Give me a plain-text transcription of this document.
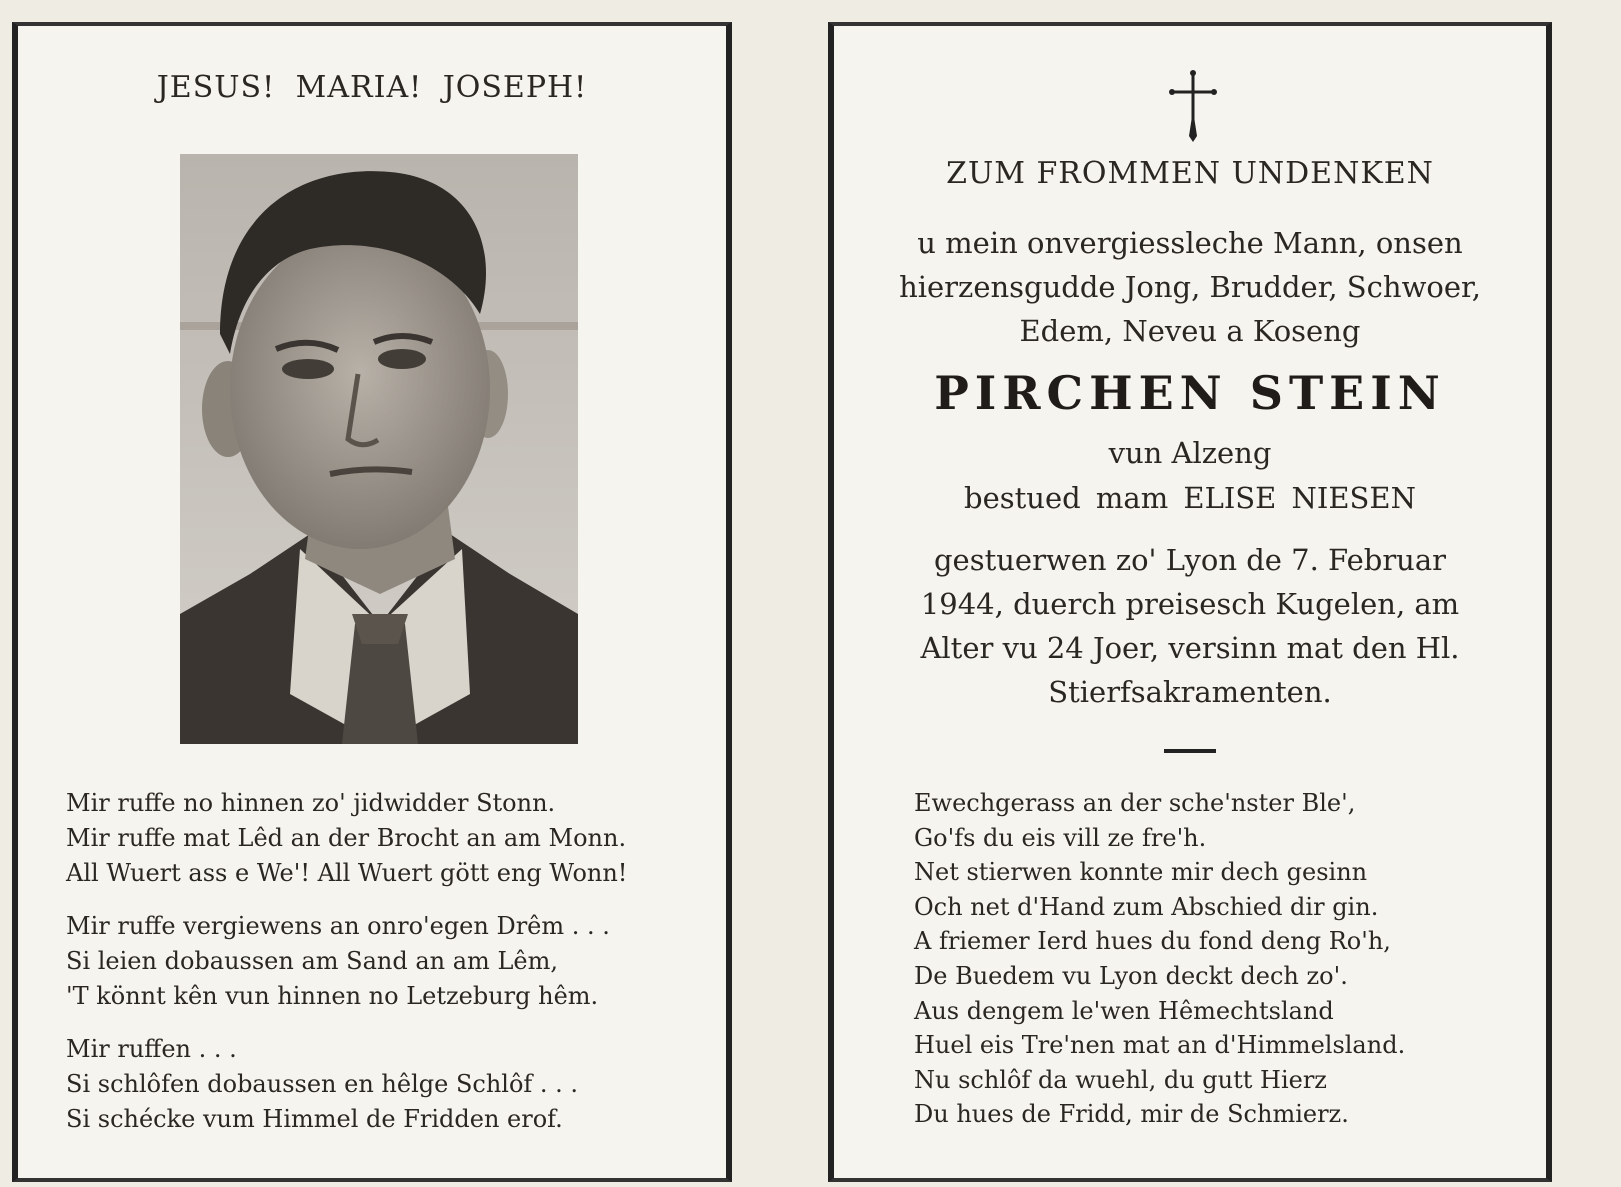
JESUS! MARIA! JOSEPH!
Mir ruffe no hinnen zo' jidwidder Stonn.
Mir ruffe mat Lêd an der Brocht an am Monn.
All Wuert ass e We'! All Wuert gött eng Wonn!
Mir ruffe vergiewens an onro'egen Drêm . . .
Si leien dobaussen am Sand an am Lêm,
'T könnt kên vun hinnen no Letzeburg hêm.
Mir ruffen . . .
Si schlôfen dobaussen en hêlge Schlôf . . .
Si schécke vum Himmel de Fridden erof.
ZUM FROMMEN UNDENKEN
u mein onvergiessleche Mann, onsen hierzensgudde Jong, Brudder, Schwoer, Edem, Neveu a Koseng
PIRCHEN STEIN
vun Alzeng
bestued mam ELISE NIESEN
gestuerwen zo' Lyon de 7. Februar 1944, duerch preisesch Kugelen, am Alter vu 24 Joer, versinn mat den Hl. Stierfsakramenten.
Ewechgerass an der sche'nster Ble',
Go'fs du eis vill ze fre'h.
Net stierwen konnte mir dech gesinn
Och net d'Hand zum Abschied dir gin.
A friemer Ierd hues du fond deng Ro'h,
De Buedem vu Lyon deckt dech zo'.
Aus dengem le'wen Hêmechtsland
Huel eis Tre'nen mat an d'Himmelsland.
Nu schlôf da wuehl, du gutt Hierz
Du hues de Fridd, mir de Schmierz.
